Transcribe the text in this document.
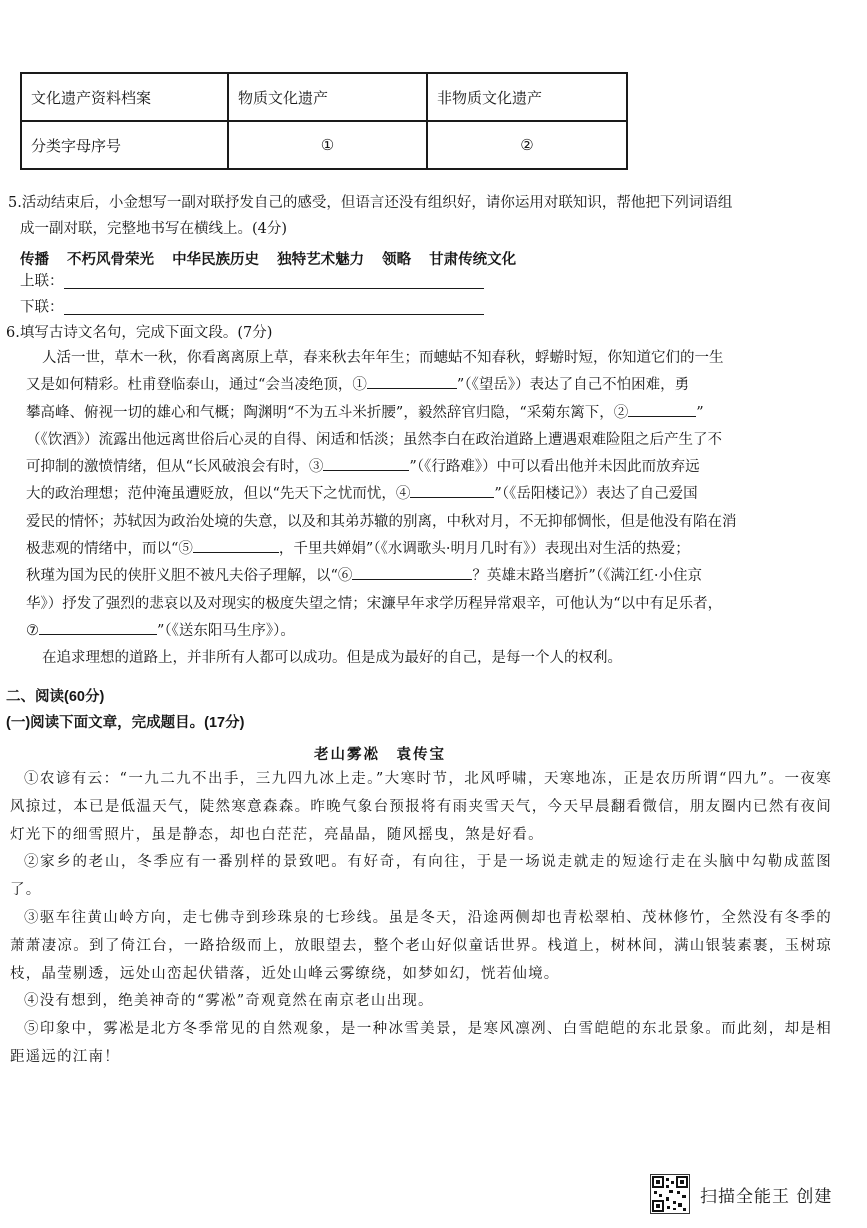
文化遗产资料档案	物质文化遗产	非物质文化遗产
分类字母序号	①	②
5.活动结束后，小金想写一副对联抒发自己的感受，但语言还没有组织好，请你运用对联知识，帮他把下列词语组
成一副对联，完整地书写在横线上。(4分)
传播 不朽风骨荣光 中华民族历史 独特艺术魅力 领略 甘肃传统文化
上联：
下联：
6.填写古诗文名句，完成下面文段。(7分)
人活一世，草木一秋，你看离离原上草，春来秋去年年生；而蟪蛄不知春秋，蜉蝣时短，你知道它们的一生
又是如何精彩。杜甫登临泰山，通过“会当凌绝顶，①	”（《望岳》）表达了自己不怕困难，勇
攀高峰、俯视一切的雄心和气概；陶渊明“不为五斗米折腰”，毅然辞官归隐，“采菊东篱下，②	”
（《饮酒》）流露出他远离世俗后心灵的自得、闲适和恬淡；虽然李白在政治道路上遭遇艰难险阻之后产生了不
可抑制的激愤情绪，但从“长风破浪会有时，③	”（《行路难》）中可以看出他并未因此而放弃远
大的政治理想；范仲淹虽遭贬放，但以“先天下之忧而忧，④	”（《岳阳楼记》）表达了自己爱国
爱民的情怀；苏轼因为政治处境的失意，以及和其弟苏辙的别离，中秋对月，不无抑郁惆怅，但是他没有陷在消
极悲观的情绪中，而以“⑤	，千里共婵娟”（《水调歌头·明月几时有》）表现出对生活的热爱；
秋瑾为国为民的侠肝义胆不被凡夫俗子理解，以“⑥	？英雄末路当磨折”（《满江红·小住京
华》）抒发了强烈的悲哀以及对现实的极度失望之情；宋濂早年求学历程异常艰辛，可他认为“以中有足乐者，
⑦	”（《送东阳马生序》）。
在追求理想的道路上，并非所有人都可以成功。但是成为最好的自己，是每一个人的权利。
二、阅读(60分)
(一)阅读下面文章，完成题目。(17分)
老山雾凇　袁传宝
①农谚有云：“一九二九不出手，三九四九冰上走。”大寒时节，北风呼啸，天寒地冻，正是农历所谓“四九”。一夜寒风掠过，本已是低温天气，陡然寒意森森。昨晚气象台预报将有雨夹雪天气，今天早晨翻看微信，朋友圈内已然有夜间灯光下的细雪照片，虽是静态，却也白茫茫，亮晶晶，随风摇曳，煞是好看。
②家乡的老山，冬季应有一番别样的景致吧。有好奇，有向往，于是一场说走就走的短途行走在头脑中勾勒成蓝图了。
③驱车往黄山岭方向，走七佛寺到珍珠泉的七珍线。虽是冬天，沿途两侧却也青松翠柏、茂林修竹，全然没有冬季的萧萧凄凉。到了倚江台，一路拾级而上，放眼望去，整个老山好似童话世界。栈道上，树林间，满山银装素裹，玉树琼枝，晶莹剔透，远处山峦起伏错落，近处山峰云雾缭绕，如梦如幻，恍若仙境。
④没有想到，绝美神奇的“雾凇”奇观竟然在南京老山出现。
⑤印象中，雾凇是北方冬季常见的自然观象，是一种冰雪美景，是寒风凛冽、白雪皑皑的东北景象。而此刻，却是相距遥远的江南！
扫描全能王 创建
